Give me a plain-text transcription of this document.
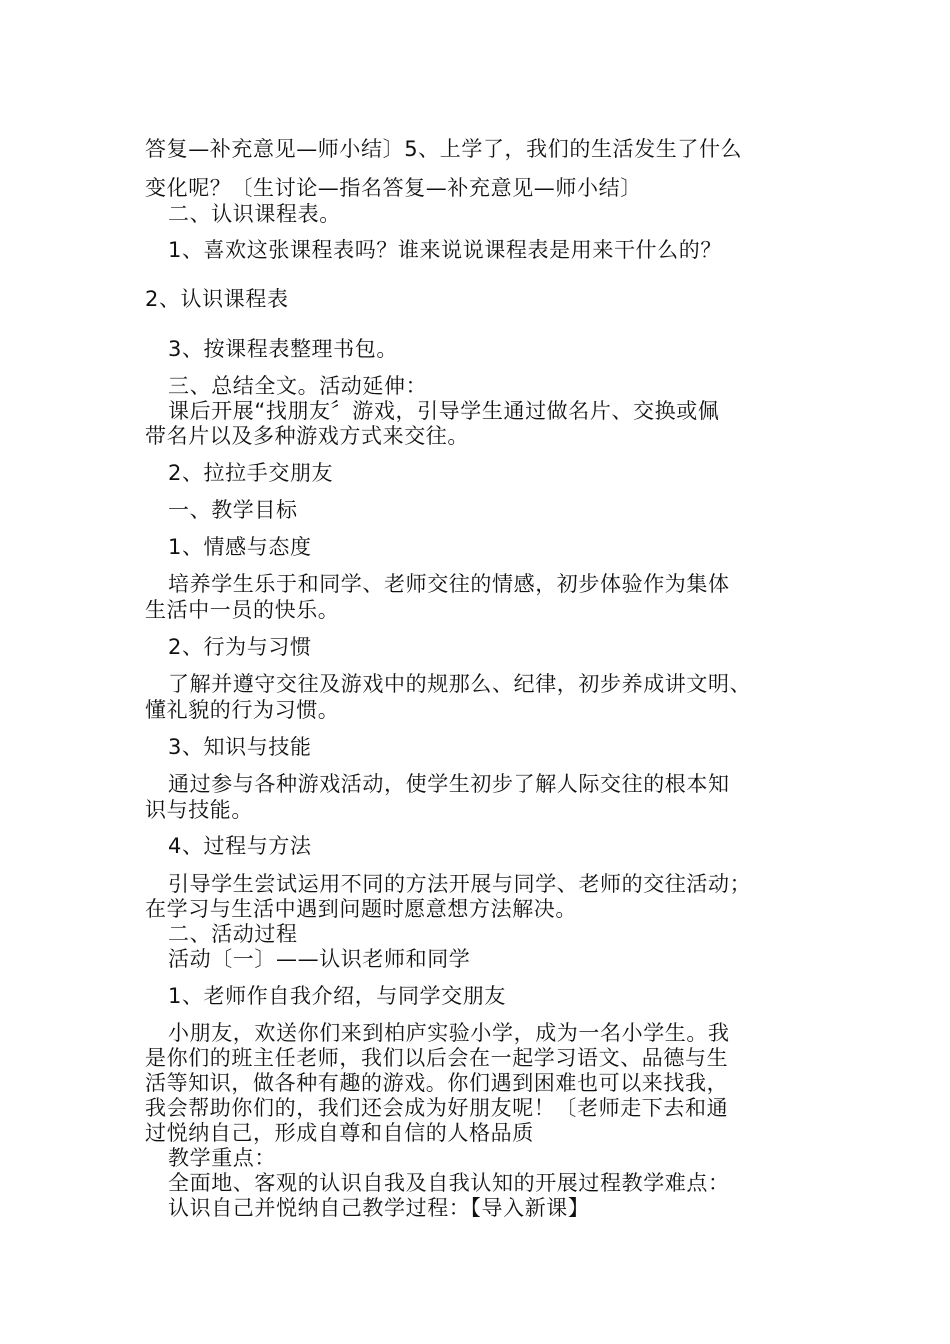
答复—补充意见—师小结〕5、上学了，我们的生活发生了什么
变化呢？〔生讨论—指名答复—补充意见—师小结〕
二、认识课程表。
1、喜欢这张课程表吗？谁来说说课程表是用来干什么的？
2、认识课程表
3、按课程表整理书包。
三、总结全文。活动延伸：
课后开展“找朋友〞游戏，引导学生通过做名片、交换或佩
带名片以及多种游戏方式来交往。
2、拉拉手交朋友
一、教学目标
1、情感与态度
培养学生乐于和同学、老师交往的情感，初步体验作为集体
生活中一员的快乐。
2、行为与习惯
了解并遵守交往及游戏中的规那么、纪律，初步养成讲文明、
懂礼貌的行为习惯。
3、知识与技能
通过参与各种游戏活动，使学生初步了解人际交往的根本知
识与技能。
4、过程与方法
引导学生尝试运用不同的方法开展与同学、老师的交往活动；
在学习与生活中遇到问题时愿意想方法解决。
二、活动过程
活动〔一〕——认识老师和同学
1、老师作自我介绍，与同学交朋友
小朋友，欢送你们来到柏庐实验小学，成为一名小学生。我
是你们的班主任老师，我们以后会在一起学习语文、品德与生
活等知识，做各种有趣的游戏。你们遇到困难也可以来找我，
我会帮助你们的，我们还会成为好朋友呢！〔老师走下去和通
过悦纳自己，形成自尊和自信的人格品质
教学重点：
全面地、客观的认识自我及自我认知的开展过程教学难点：
认识自己并悦纳自己教学过程：【导入新课】
